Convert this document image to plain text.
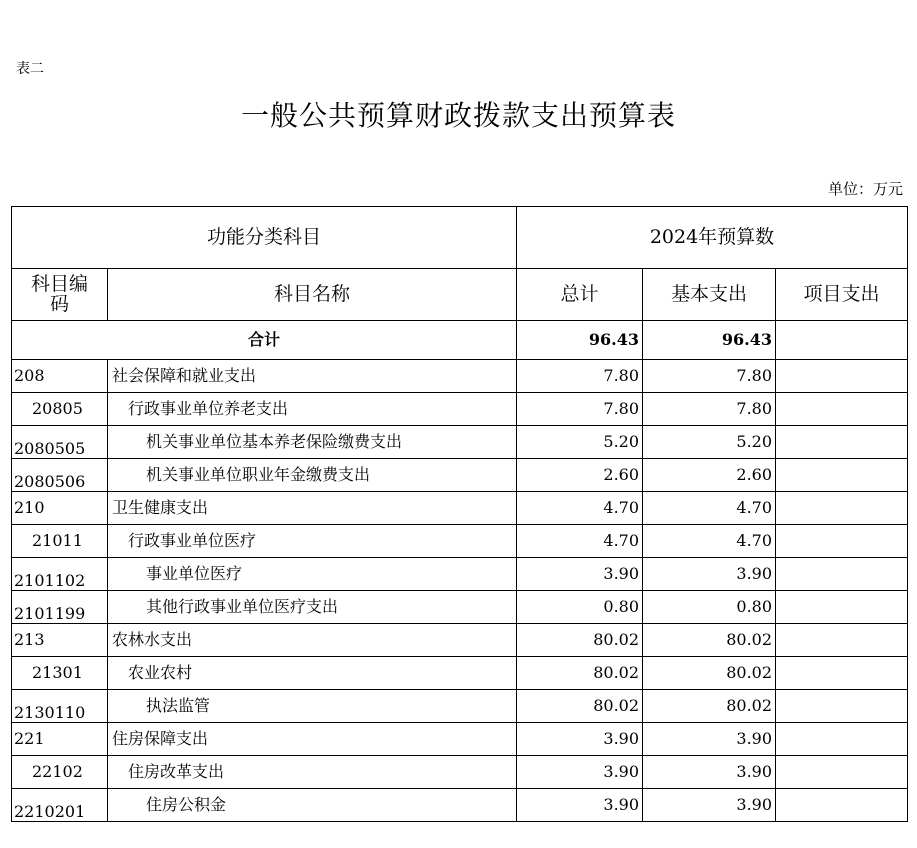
表二
一般公共预算财政拨款支出预算表
单位：万元
功能分类科目		2024年预算数		
科目编码	科目名称	总计	基本支出	项目支出
合计		96.43	96.43	
208	社会保障和就业支出	7.80	7.80	
20805	行政事业单位养老支出	7.80	7.80	
2080505	机关事业单位基本养老保险缴费支出	5.20	5.20	
2080506	机关事业单位职业年金缴费支出	2.60	2.60	
210	卫生健康支出	4.70	4.70	
21011	行政事业单位医疗	4.70	4.70	
2101102	事业单位医疗	3.90	3.90	
2101199	其他行政事业单位医疗支出	0.80	0.80	
213	农林水支出	80.02	80.02	
21301	农业农村	80.02	80.02	
2130110	执法监管	80.02	80.02	
221	住房保障支出	3.90	3.90	
22102	住房改革支出	3.90	3.90	
2210201	住房公积金	3.90	3.90	
